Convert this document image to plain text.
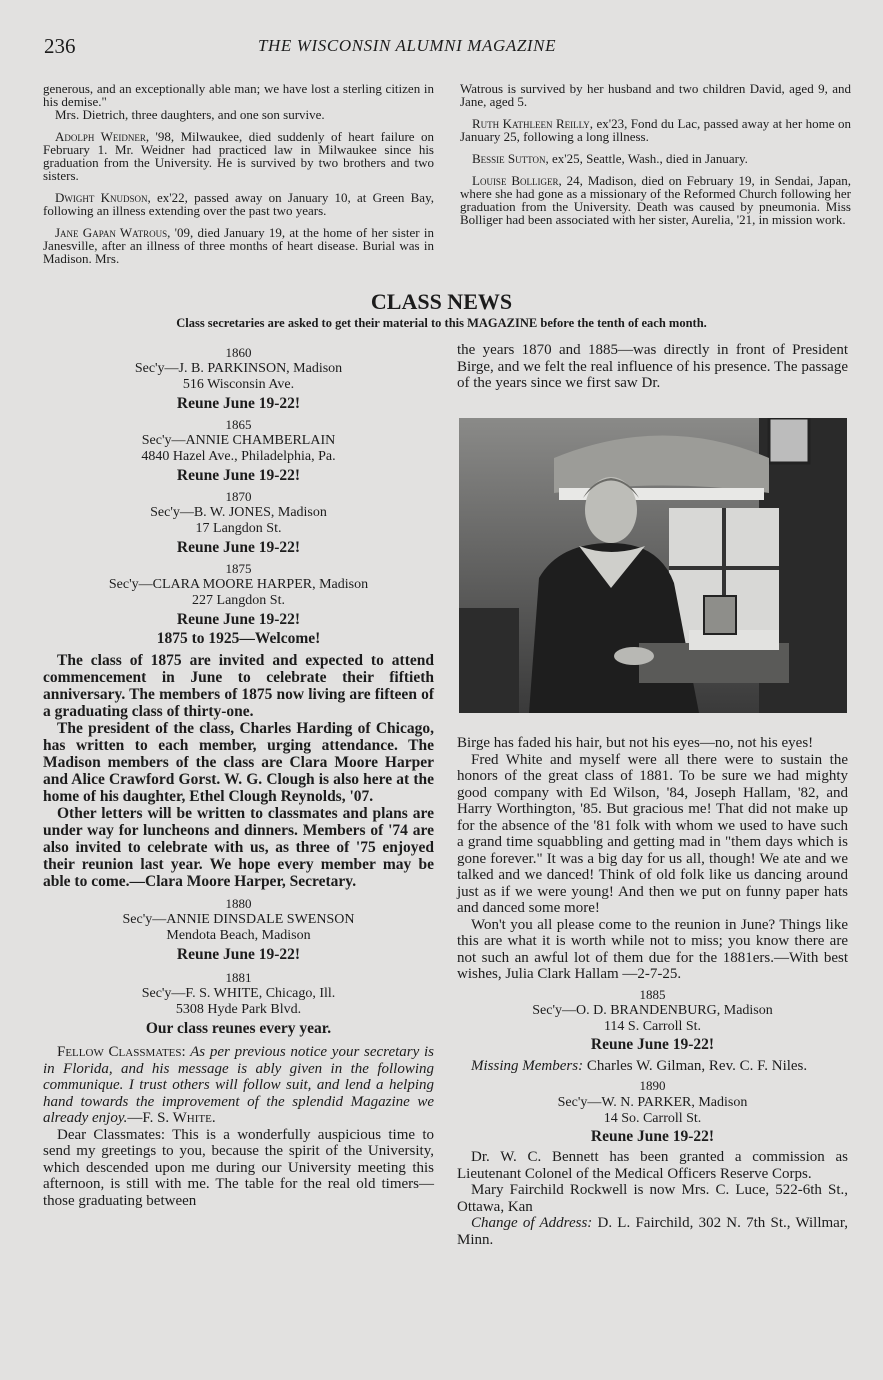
236	THE WISCONSIN ALUMNI MAGAZINE

generous, and an exceptionally able man; we have lost a sterling citizen in his demise."

Mrs. Dietrich, three daughters, and one son survive.

Adolph Weidner, '98, Milwaukee, died suddenly of heart failure on February 1. Mr. Weidner had practiced law in Milwaukee since his graduation from the University. He is survived by two brothers and two sisters.

Dwight Knudson, ex'22, passed away on January 10, at Green Bay, following an illness extending over the past two years.

Jane Gapan Watrous, '09, died January 19, at the home of her sister in Janesville, after an illness of three months of heart disease. Burial was in Madison. Mrs.

Watrous is survived by her husband and two children David, aged 9, and Jane, aged 5.

Ruth Kathleen Reilly, ex'23, Fond du Lac, passed away at her home on January 25, following a long illness.

Bessie Sutton, ex'25, Seattle, Wash., died in January.

Louise Bolliger, 24, Madison, died on February 19, in Sendai, Japan, where she had gone as a missionary of the Reformed Church following her graduation from the University. Death was caused by pneumonia. Miss Bolliger had been associated with her sister, Aurelia, '21, in mission work.

CLASS NEWS
Class secretaries are asked to get their material to this MAGAZINE before the tenth of each month.
1860
Sec'y—J. B. PARKINSON, Madison
516 Wisconsin Ave.
Reune June 19-22!
1865
Sec'y—ANNIE CHAMBERLAIN
4840 Hazel Ave., Philadelphia, Pa.
Reune June 19-22!
1870
Sec'y—B. W. JONES, Madison
17 Langdon St.
Reune June 19-22!
1875
Sec'y—CLARA MOORE HARPER, Madison
227 Langdon St.
Reune June 19-22!
1875 to 1925—Welcome!

The class of 1875 are invited and expected to attend commencement in June to celebrate their fiftieth anniversary. The members of 1875 now living are fifteen of a graduating class of thirty-one.

The president of the class, Charles Harding of Chicago, has written to each member, urging attendance. The Madison members of the class are Clara Moore Harper and Alice Crawford Gorst. W. G. Clough is also here at the home of his daughter, Ethel Clough Reynolds, '07.

Other letters will be written to classmates and plans are under way for luncheons and dinners. Members of '74 are also invited to celebrate with us, as three of '75 enjoyed their reunion last year. We hope every member may be able to come.—Clara Moore Harper, Secretary.

1880
Sec'y—ANNIE DINSDALE SWENSON
Mendota Beach, Madison
Reune June 19-22!
1881
Sec'y—F. S. WHITE, Chicago, Ill.
5308 Hyde Park Blvd.
Our class reunes every year.

Fellow Classmates: As per previous notice your secretary is in Florida, and his message is ably given in the following communique. I trust others will follow suit, and lend a helping hand towards the improvement of the splendid Magazine we already enjoy.—F. S. White.

Dear Classmates: This is a wonderfully auspicious time to send my greetings to you, because the spirit of the University, which descended upon me during our University meeting this afternoon, is still with me. The table for the real old timers—those graduating between

the years 1870 and 1885—was directly in front of President Birge, and we felt the real influence of his presence. The passage of the years since we first saw Dr.

Birge has faded his hair, but not his eyes—no, not his eyes!

Fred White and myself were all there were to sustain the honors of the great class of 1881. To be sure we had mighty good company with Ed Wilson, '84, Joseph Hallam, '82, and Harry Worthington, '85. But gracious me! That did not make up for the absence of the '81 folk with whom we used to have such a grand time squabbling and getting mad in "them days which is gone forever." It was a big day for us all, though! We ate and we talked and we danced! Think of old folk like us dancing around just as if we were young! And then we put on funny paper hats and danced some more!

Won't you all please come to the reunion in June? Things like this are what it is worth while not to miss; you know there are not such an awful lot of them due for the 1881ers.—With best wishes, Julia Clark Hallam —2-7-25.

1885
Sec'y—O. D. BRANDENBURG, Madison
114 S. Carroll St.
Reune June 19-22!

Missing Members: Charles W. Gilman, Rev. C. F. Niles.

1890
Sec'y—W. N. PARKER, Madison
14 So. Carroll St.
Reune June 19-22!

Dr. W. C. Bennett has been granted a commission as Lieutenant Colonel of the Medical Officers Reserve Corps.

Mary Fairchild Rockwell is now Mrs. C. Luce, 522-6th St., Ottawa, Kan

Change of Address: D. L. Fairchild, 302 N. 7th St., Willmar, Minn.
